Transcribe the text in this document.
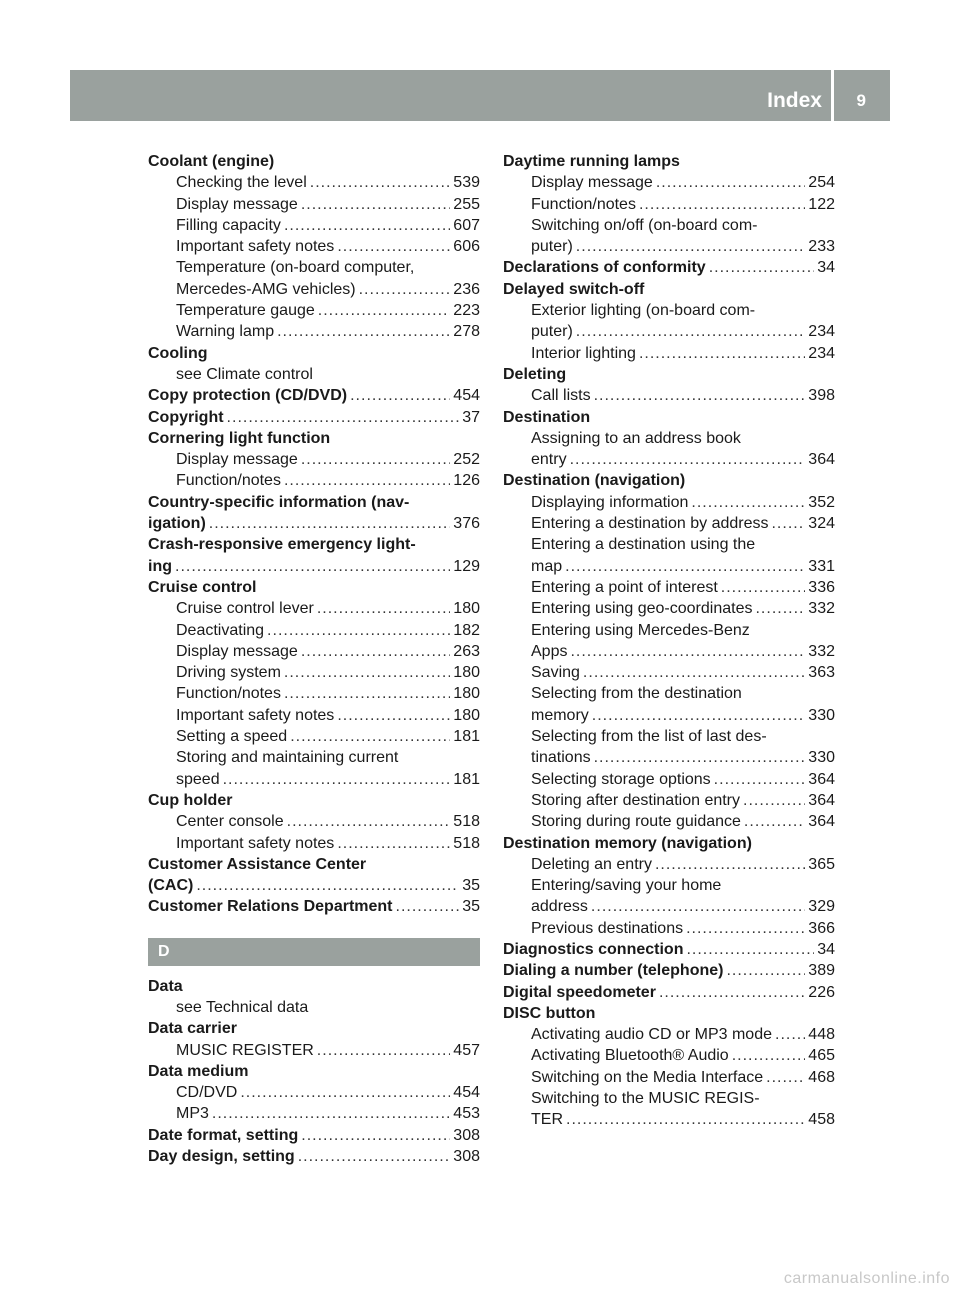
Index 9
Coolant (engine)
Checking the level .....	539
Display message .....	255
Filling capacity .....	607
Important safety notes .....	606
Temperature (on-board computer,
Mercedes-AMG vehicles) .....	236
Temperature gauge .....	223
Warning lamp .....	278
Cooling
see Climate control
Copy protection (CD/DVD) .....	454
Copyright .....	37
Cornering light function
Display message .....	252
Function/notes .....	126
Country-specific information (nav-
igation) .....	376
Crash-responsive emergency light-
ing .....	129
Cruise control
Cruise control lever .....	180
Deactivating .....	182
Display message .....	263
Driving system .....	180
Function/notes .....	180
Important safety notes .....	180
Setting a speed .....	181
Storing and maintaining current
speed .....	181
Cup holder
Center console .....	518
Important safety notes .....	518
Customer Assistance Center
(CAC) .....	35
Customer Relations Department .....	35
D
Data
see Technical data
Data carrier
MUSIC REGISTER .....	457
Data medium
CD/DVD .....	454
MP3 .....	453
Date format, setting .....	308
Day design, setting .....	308
Daytime running lamps
Display message .....	254
Function/notes .....	122
Switching on/off (on-board com-
puter) .....	233
Declarations of conformity .....	34
Delayed switch-off
Exterior lighting (on-board com-
puter) .....	234
Interior lighting .....	234
Deleting
Call lists .....	398
Destination
Assigning to an address book
entry .....	364
Destination (navigation)
Displaying information .....	352
Entering a destination by address ..... 324
Entering a destination using the
map .....	331
Entering a point of interest .....	336
Entering using geo-coordinates .....	332
Entering using Mercedes-Benz
Apps .....	332
Saving .....	363
Selecting from the destination
memory .....	330
Selecting from the list of last des-
tinations .....	330
Selecting storage options .....	364
Storing after destination entry .....	364
Storing during route guidance .....	364
Destination memory (navigation)
Deleting an entry .....	365
Entering/saving your home
address .....	329
Previous destinations .....	366
Diagnostics connection .....	34
Dialing a number (telephone) .....	389
Digital speedometer .....	226
DISC button
Activating audio CD or MP3 mode ..... 448
Activating Bluetooth® Audio .....	465
Switching on the Media Interface .....	468
Switching to the MUSIC REGIS-
TER .....	458
carmanualsonline.info
